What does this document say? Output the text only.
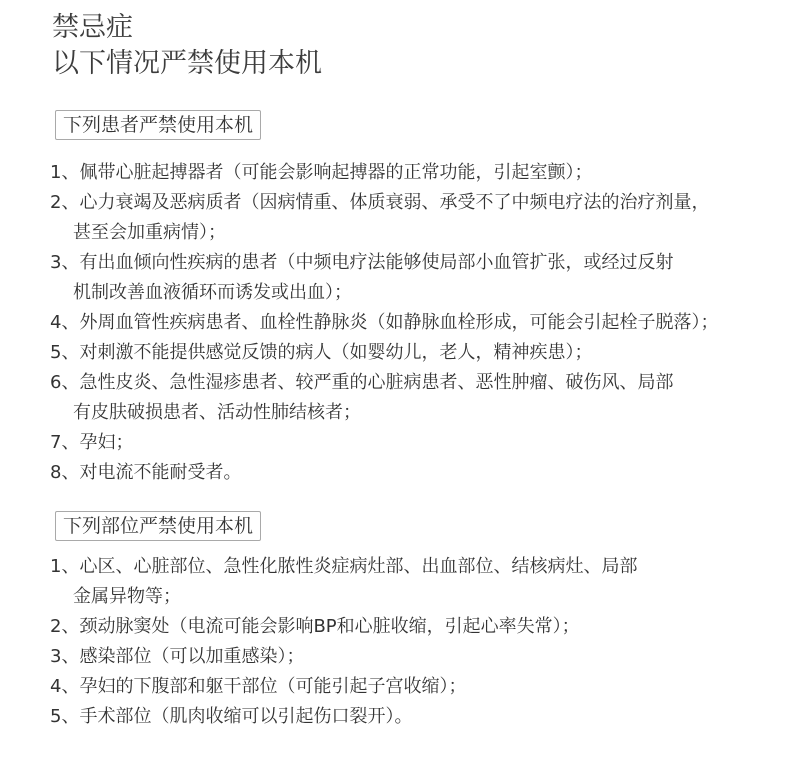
禁忌症
以下情况严禁使用本机
下列患者严禁使用本机
1、佩带心脏起搏器者（可能会影响起搏器的正常功能，引起室颤）；
2、心力衰竭及恶病质者（因病情重、体质衰弱、承受不了中频电疗法的治疗剂量，
甚至会加重病情）；
3、有出血倾向性疾病的患者（中频电疗法能够使局部小血管扩张，或经过反射
机制改善血液循环而诱发或出血）；
4、外周血管性疾病患者、血栓性静脉炎（如静脉血栓形成，可能会引起栓子脱落）；
5、对刺激不能提供感觉反馈的病人（如婴幼儿，老人，精神疾患）；
6、急性皮炎、急性湿疹患者、较严重的心脏病患者、恶性肿瘤、破伤风、局部
有皮肤破损患者、活动性肺结核者；
7、孕妇；
8、对电流不能耐受者。
下列部位严禁使用本机
1、心区、心脏部位、急性化脓性炎症病灶部、出血部位、结核病灶、局部
金属异物等；
2、颈动脉窦处（电流可能会影响BP和心脏收缩，引起心率失常）；
3、感染部位（可以加重感染）；
4、孕妇的下腹部和躯干部位（可能引起子宫收缩）；
5、手术部位（肌肉收缩可以引起伤口裂开）。
